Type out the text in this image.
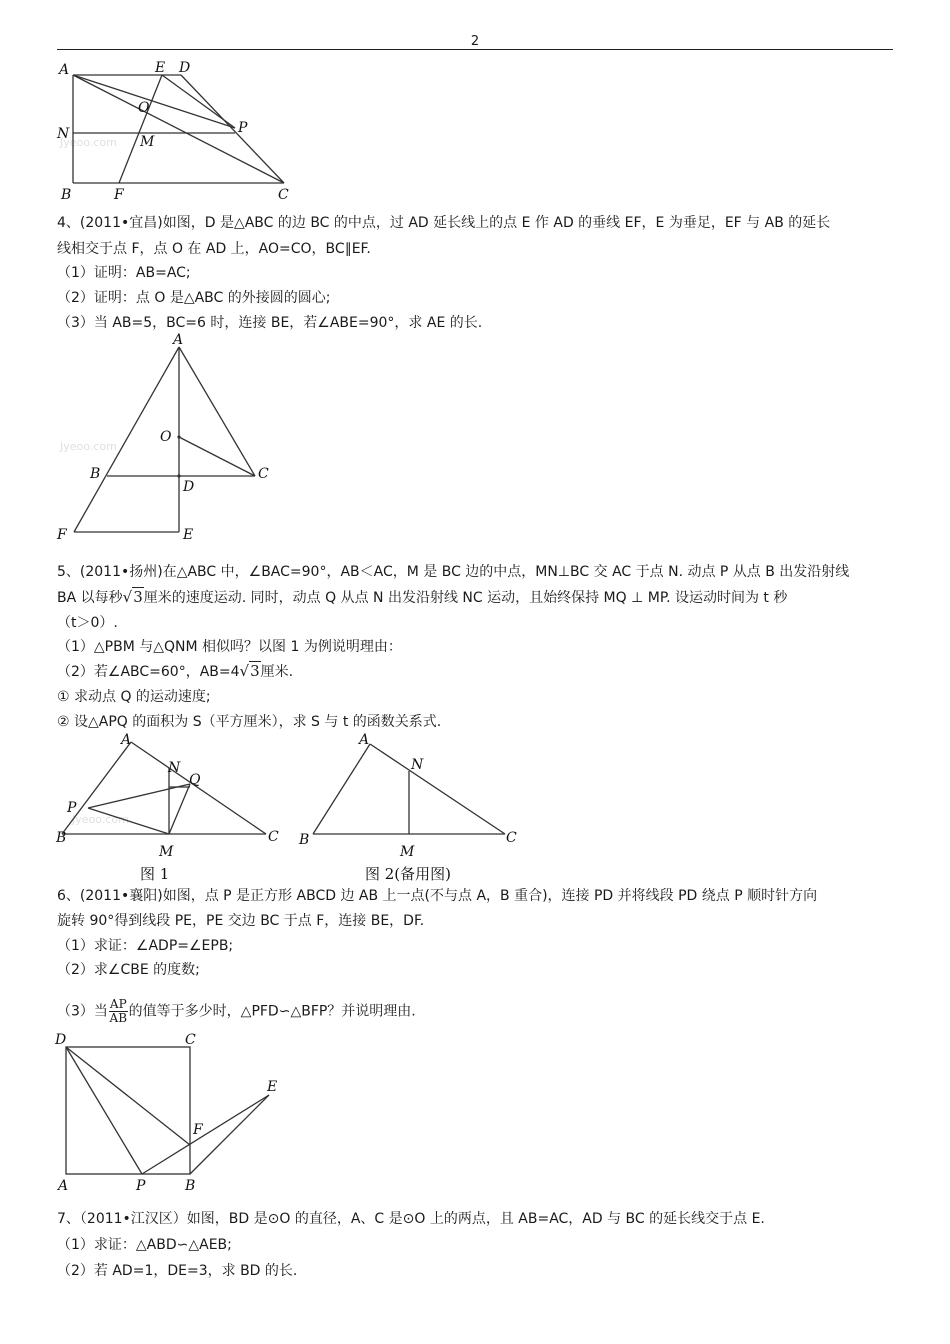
2
Jyeoo.com
A	E D
O
N	M
P
B	F	C
4、(2011•宜昌)如图，D 是△ABC 的边 BC 的中点，过 AD 延长线上的点 E 作 AD 的垂线 EF，E 为垂足，EF 与 AB 的延长
线相交于点 F，点 O 在 AD 上，AO=CO，BC∥EF.
（1）证明：AB=AC;
（2）证明：点 O 是△ABC 的外接圆的圆心;
（3）当 AB=5，BC=6 时，连接 BE，若∠ABE=90°，求 AE 的长.
Jyeoo.com
A
O
B	C
D
F	E
5、(2011•扬州)在△ABC 中，∠BAC=90°，AB＜AC，M 是 BC 边的中点，MN⊥BC 交 AC 于点 N. 动点 P 从点 B 出发沿射线
BA 以每秒√3厘米的速度运动. 同时，动点 Q 从点 N 出发沿射线 NC 运动，且始终保持 MQ ⊥ MP. 设运动时间为 t 秒
（t＞0）.
（1）△PBM 与△QNM 相似吗？以图 1 为例说明理由：
（2）若∠ABC=60°，AB=4√3厘米.
① 求动点 Q 的运动速度;
② 设△APQ 的面积为 S（平方厘米），求 S 与 t 的函数关系式.
Jyeoo.com
A
N
Q
P
B
M
C
图 1
A
N
B
M
C
图 2(备用图)
6、(2011•襄阳)如图，点 P 是正方形 ABCD 边 AB 上一点(不与点 A，B 重合)，连接 PD 并将线段 PD 绕点 P 顺时针方向
旋转 90°得到线段 PE，PE 交边 BC 于点 F，连接 BE，DF.
（1）求证：∠ADP=∠EPB;
（2）求∠CBE 的度数;
（3）当 $\frac{AP}{AB}$ 的值等于多少时，△PFD∽△BFP？并说明理由.
D	C
E
F
A	P	B
7、（2011•江汉区）如图，BD 是⊙O 的直径，A、C 是⊙O 上的两点，且 AB=AC，AD 与 BC 的延长线交于点 E.
（1）求证：△ABD∽△AEB;
（2）若 AD=1，DE=3，求 BD 的长.
